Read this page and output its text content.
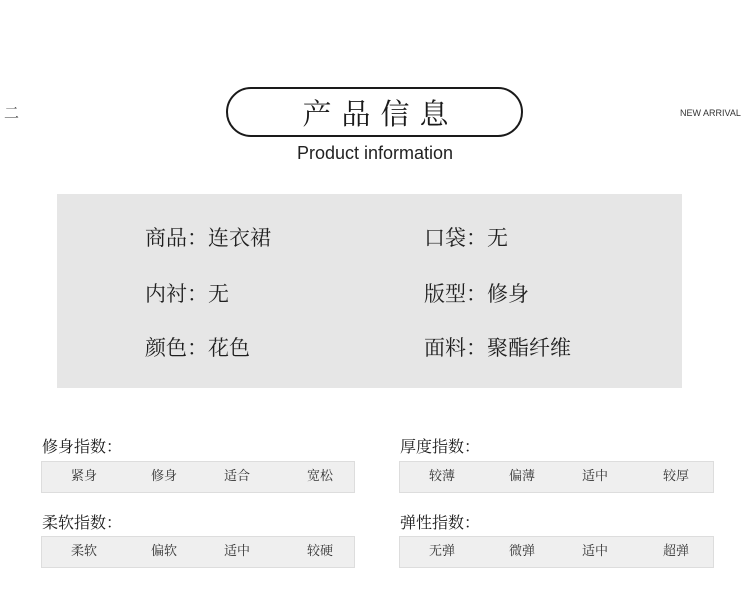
二	产品信息
Product information
NEW ARRIVAL
商品：连衣裙	口袋：无
内衬：无	版型：修身
颜色：花色	面料：聚酯纤维
修身指数：
紧身	修身	适合	宽松
厚度指数：
较薄	偏薄	适中	较厚
柔软指数：
柔软	偏软	适中	较硬
弹性指数：
无弹	微弹	适中	超弹
